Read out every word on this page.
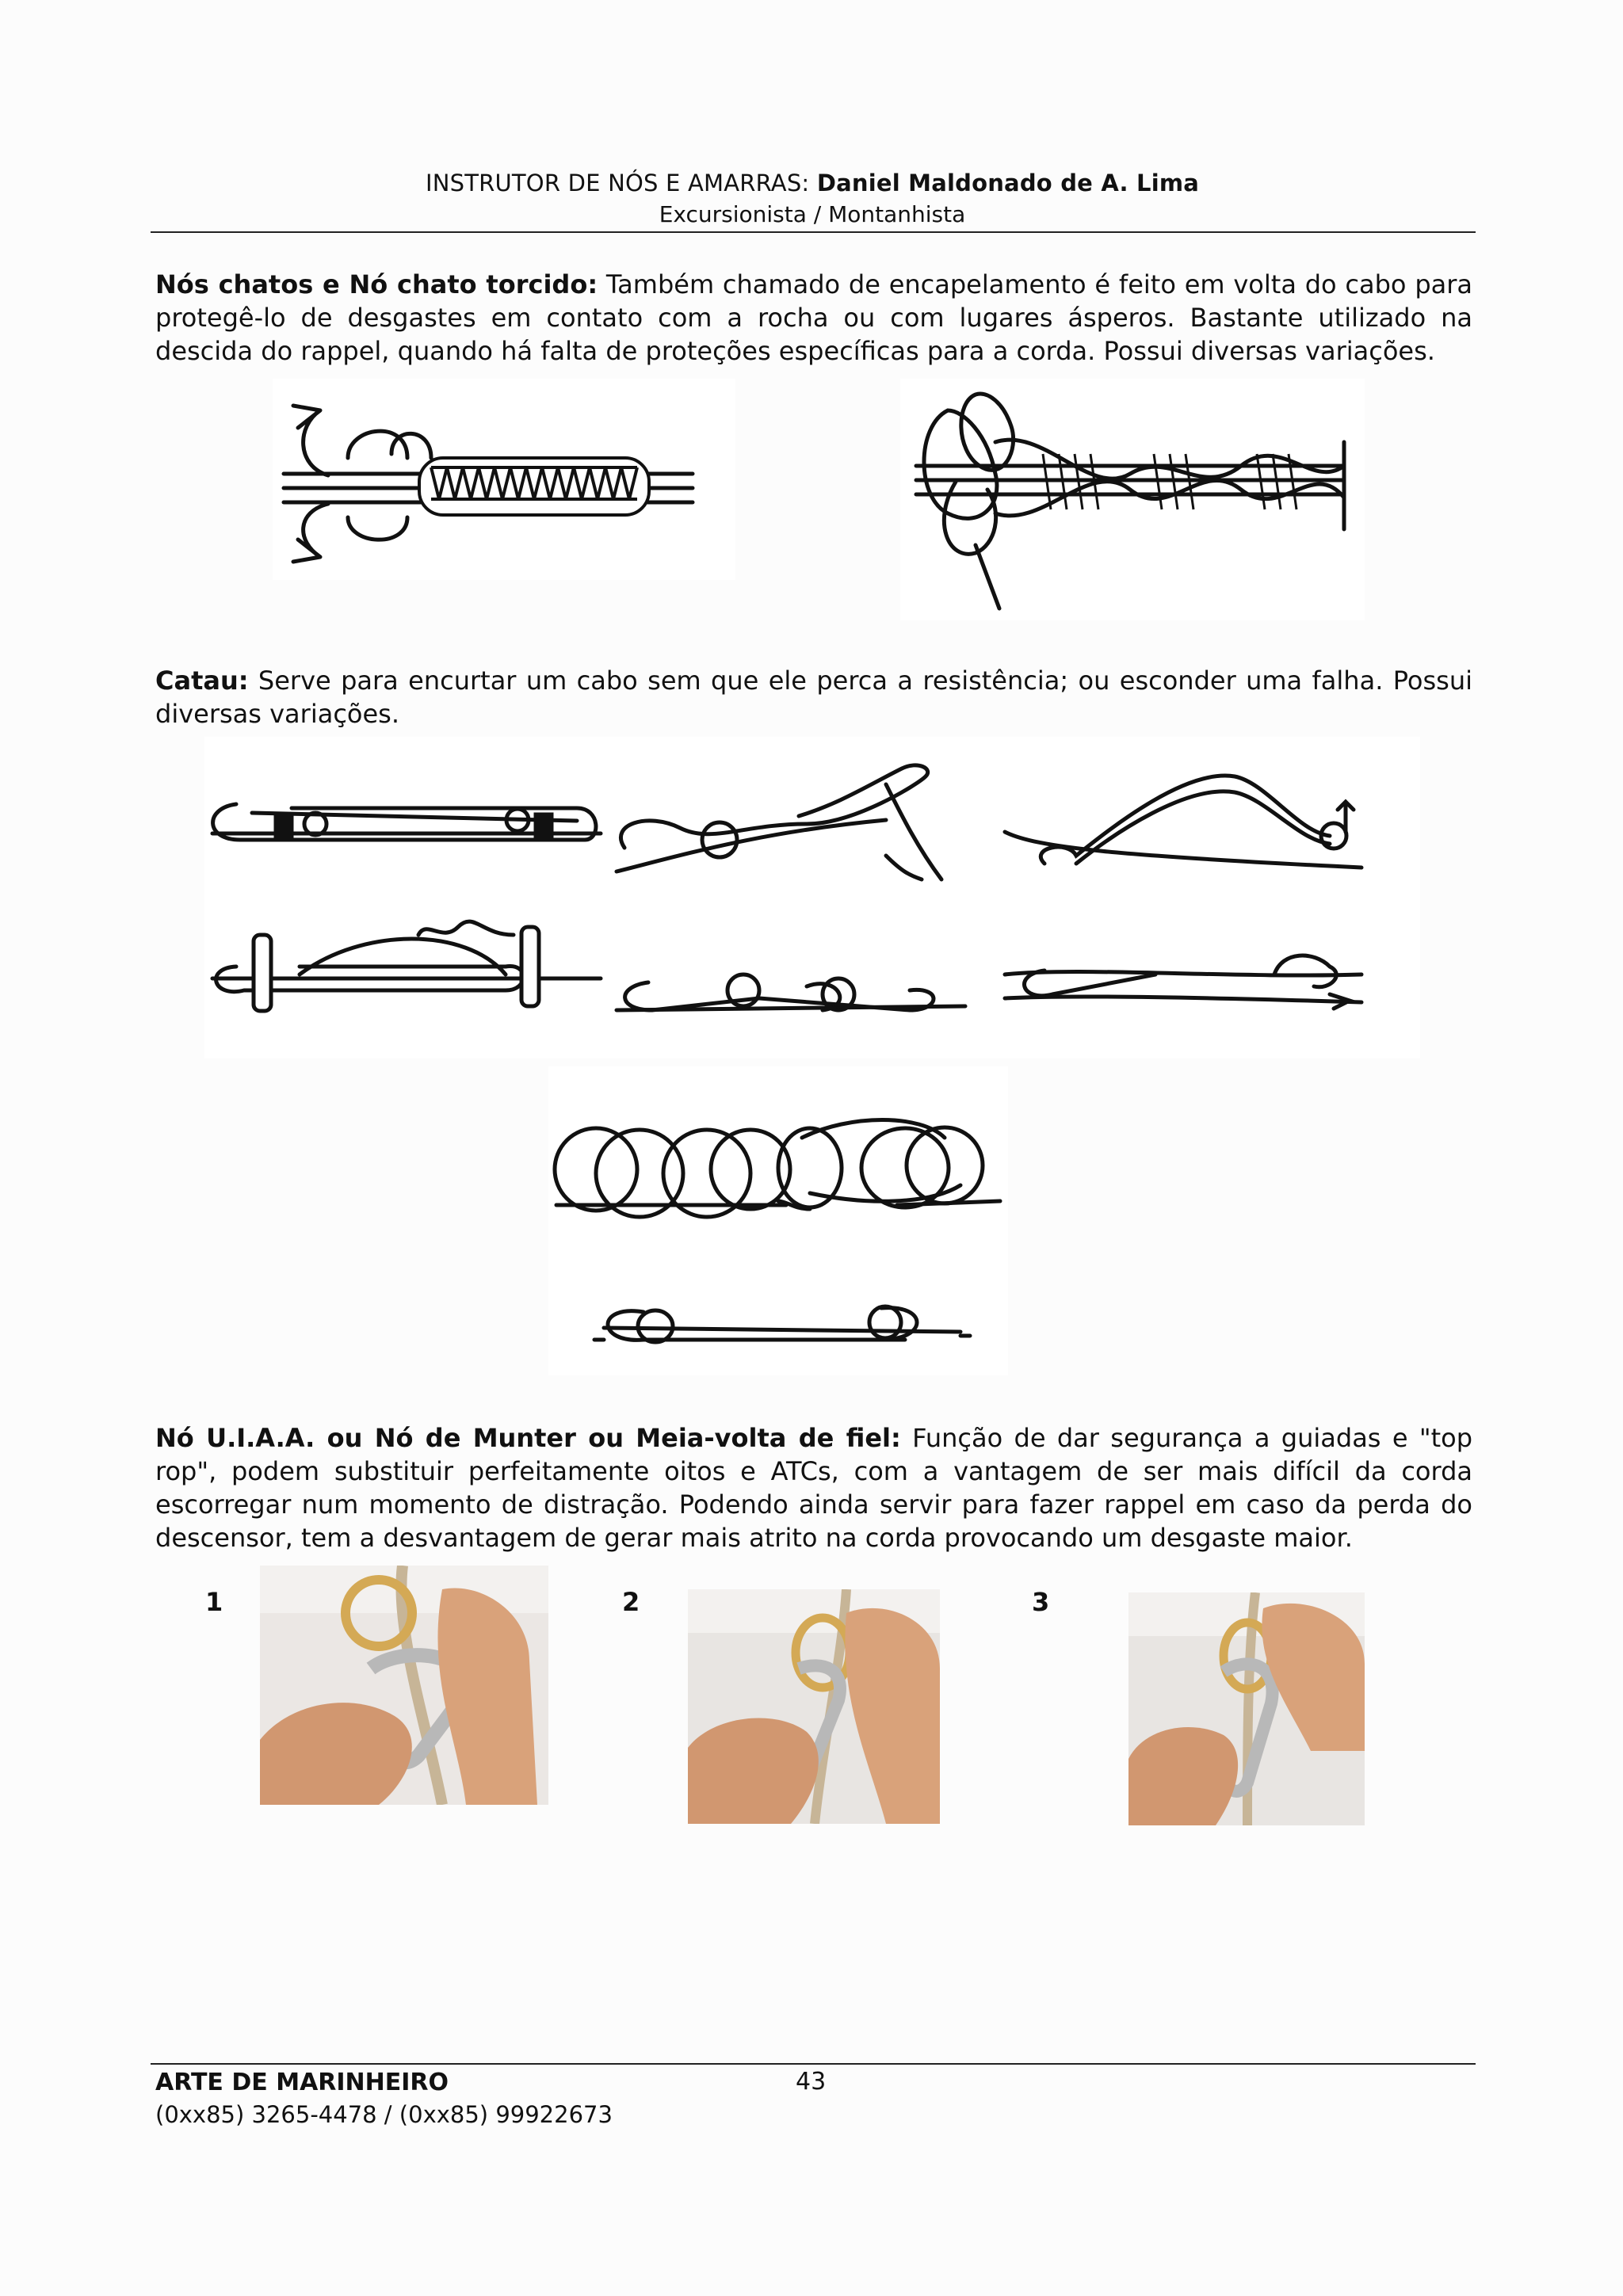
INSTRUTOR DE NÓS E AMARRAS: Daniel Maldonado de A. Lima
Excursionista / Montanhista
Nós chatos e Nó chato torcido: Também chamado de encapelamento é feito em volta do cabo para protegê-lo de desgastes em contato com a rocha ou com lugares ásperos. Bastante utilizado na descida do rappel, quando há falta de proteções específicas para a corda. Possui diversas variações.
Catau: Serve para encurtar um cabo sem que ele perca a resistência; ou esconder uma falha. Possui diversas variações.
Nó U.I.A.A. ou Nó de Munter ou Meia-volta de fiel: Função de dar segurança a guiadas e "top rop", podem substituir perfeitamente oitos e ATCs, com a vantagem de ser mais difícil da corda escorregar num momento de distração. Podendo ainda servir para fazer rappel em caso da perda do descensor, tem a desvantagem de gerar mais atrito na corda provocando um desgaste maior.
1	2	3
ARTE DE MARINHEIRO	43
(0xx85) 3265-4478 / (0xx85) 99922673
